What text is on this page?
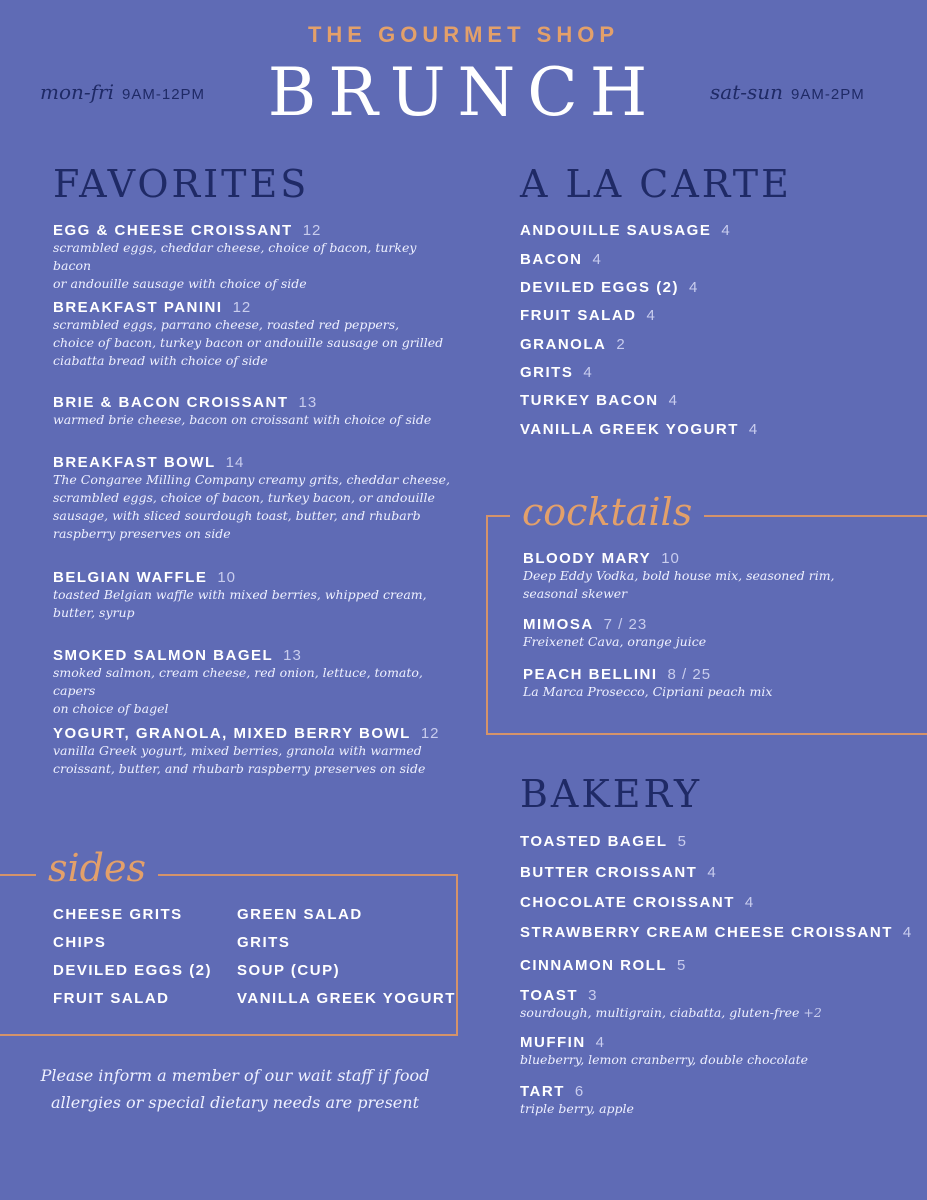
THE GOURMET SHOP
BRUNCH
mon-fri 9AM-12PM	sat-sun 9AM-2PM
FAVORITES
EGG & CHEESE CROISSANT 12
scrambled eggs, cheddar cheese, choice of bacon, turkey bacon
or andouille sausage with choice of side
BREAKFAST PANINI 12
scrambled eggs, parrano cheese, roasted red peppers,
choice of bacon, turkey bacon or andouille sausage on grilled
ciabatta bread with choice of side
BRIE & BACON CROISSANT 13
warmed brie cheese, bacon on croissant with choice of side
BREAKFAST BOWL 14
The Congaree Milling Company creamy grits, cheddar cheese,
scrambled eggs, choice of bacon, turkey bacon, or andouille
sausage, with sliced sourdough toast, butter, and rhubarb
raspberry preserves on side
BELGIAN WAFFLE 10
toasted Belgian waffle with mixed berries, whipped cream,
butter, syrup
SMOKED SALMON BAGEL 13
smoked salmon, cream cheese, red onion, lettuce, tomato, capers
on choice of bagel
YOGURT, GRANOLA, MIXED BERRY BOWL 12
vanilla Greek yogurt, mixed berries, granola with warmed
croissant, butter, and rhubarb raspberry preserves on side
A LA CARTE
ANDOUILLE SAUSAGE 4
BACON 4
DEVILED EGGS (2) 4
FRUIT SALAD 4
GRANOLA 2
GRITS 4
TURKEY BACON 4
VANILLA GREEK YOGURT 4
cocktails
BLOODY MARY 10
Deep Eddy Vodka, bold house mix, seasoned rim,
seasonal skewer
MIMOSA 7 / 23
Freixenet Cava, orange juice
PEACH BELLINI 8 / 25
La Marca Prosecco, Cipriani peach mix
sides
CHEESE GRITS
CHIPS
DEVILED EGGS (2)
FRUIT SALAD
GREEN SALAD
GRITS
SOUP (CUP)
VANILLA GREEK YOGURT
Please inform a member of our wait staff if food
allergies or special dietary needs are present
BAKERY
TOASTED BAGEL 5
BUTTER CROISSANT 4
CHOCOLATE CROISSANT 4
STRAWBERRY CREAM CHEESE CROISSANT 4
CINNAMON ROLL 5
TOAST 3
sourdough, multigrain, ciabatta, gluten-free +2
MUFFIN 4
blueberry, lemon cranberry, double chocolate
TART 6
triple berry, apple
